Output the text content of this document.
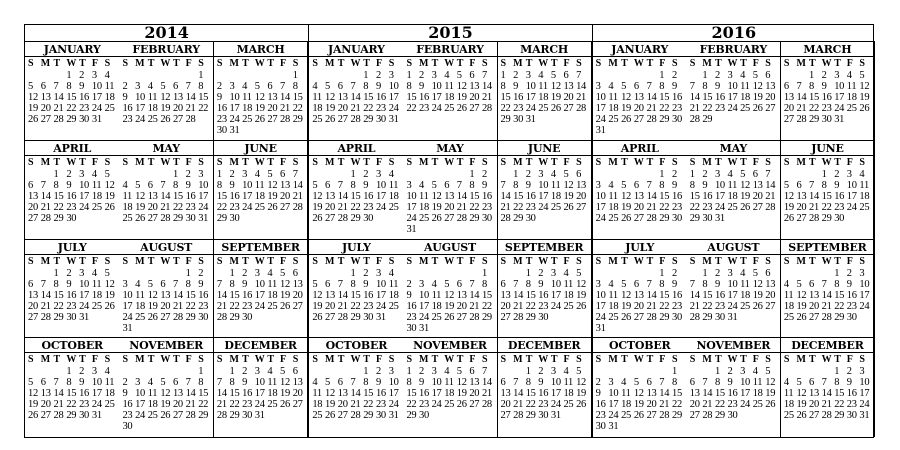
2014
JANUARY
S M T W T F S
1 2 3 4
5 6 7 8 9 10 11
12 13 14 15 16 17 18
19 20 21 22 23 24 25
26 27 28 29 30 31
FEBRUARY
S M T W T F S
1
2 3 4 5 6 7 8
9 10 11 12 13 14 15
16 17 18 19 20 21 22
23 24 25 26 27 28
MARCH
S M T W T F S
1
2 3 4 5 6 7 8
9 10 11 12 13 14 15
16 17 18 19 20 21 22
23 24 25 26 27 28 29
30 31
APRIL
S M T W T F S
1 2 3 4 5
6 7 8 9 10 11 12
13 14 15 16 17 18 19
20 21 22 23 24 25 26
27 28 29 30
MAY
S M T W T F S
1 2 3
4 5 6 7 8 9 10
11 12 13 14 15 16 17
18 19 20 21 22 23 24
25 26 27 28 29 30 31
JUNE
S M T W T F S
1 2 3 4 5 6 7
8 9 10 11 12 13 14
15 16 17 18 19 20 21
22 23 24 25 26 27 28
29 30
JULY
S M T W T F S
1 2 3 4 5
6 7 8 9 10 11 12
13 14 15 16 17 18 19
20 21 22 23 24 25 26
27 28 29 30 31
AUGUST
S M T W T F S
1 2
3 4 5 6 7 8 9
10 11 12 13 14 15 16
17 18 19 20 21 22 23
24 25 26 27 28 29 30
31
SEPTEMBER
S M T W T F S
1 2 3 4 5 6
7 8 9 10 11 12 13
14 15 16 17 18 19 20
21 22 23 24 25 26 27
28 29 30
OCTOBER
S M T W T F S
1 2 3 4
5 6 7 8 9 10 11
12 13 14 15 16 17 18
19 20 21 22 23 24 25
26 27 28 29 30 31
NOVEMBER
S M T W T F S
1
2 3 4 5 6 7 8
9 10 11 12 13 14 15
16 17 18 19 20 21 22
23 24 25 26 27 28 29
30
DECEMBER
S M T W T F S
1 2 3 4 5 6
7 8 9 10 11 12 13
14 15 16 17 18 19 20
21 22 23 24 25 26 27
28 29 30 31
2015
JANUARY
S M T W T F S
1 2 3
4 5 6 7 8 9 10
11 12 13 14 15 16 17
18 19 20 21 22 23 24
25 26 27 28 29 30 31
FEBRUARY
S M T W T F S
1 2 3 4 5 6 7
8 9 10 11 12 13 14
15 16 17 18 19 20 21
22 23 24 25 26 27 28
MARCH
S M T W T F S
1 2 3 4 5 6 7
8 9 10 11 12 13 14
15 16 17 18 19 20 21
22 23 24 25 26 27 28
29 30 31
APRIL
S M T W T F S
1 2 3 4
5 6 7 8 9 10 11
12 13 14 15 16 17 18
19 20 21 22 23 24 25
26 27 28 29 30
MAY
S M T W T F S
1 2
3 4 5 6 7 8 9
10 11 12 13 14 15 16
17 18 19 20 21 22 23
24 25 26 27 28 29 30
31
JUNE
S M T W T F S
1 2 3 4 5 6
7 8 9 10 11 12 13
14 15 16 17 18 19 20
21 22 23 24 25 26 27
28 29 30
JULY
S M T W T F S
1 2 3 4
5 6 7 8 9 10 11
12 13 14 15 16 17 18
19 20 21 22 23 24 25
26 27 28 29 30 31
AUGUST
S M T W T F S
1
2 3 4 5 6 7 8
9 10 11 12 13 14 15
16 17 18 19 20 21 22
23 24 25 26 27 28 29
30 31
SEPTEMBER
S M T W T F S
1 2 3 4 5
6 7 8 9 10 11 12
13 14 15 16 17 18 19
20 21 22 23 24 25 26
27 28 29 30
OCTOBER
S M T W T F S
1 2 3
4 5 6 7 8 9 10
11 12 13 14 15 16 17
18 19 20 21 22 23 24
25 26 27 28 29 30 31
NOVEMBER
S M T W T F S
1 2 3 4 5 6 7
8 9 10 11 12 13 14
15 16 17 18 19 20 21
22 23 24 25 26 27 28
29 30
DECEMBER
S M T W T F S
1 2 3 4 5
6 7 8 9 10 11 12
13 14 15 16 17 18 19
20 21 22 23 24 25 26
27 28 29 30 31
2016
JANUARY
S M T W T F S
1 2
3 4 5 6 7 8 9
10 11 12 13 14 15 16
17 18 19 20 21 22 23
24 25 26 27 28 29 30
31
FEBRUARY
S M T W T F S
1 2 3 4 5 6
7 8 9 10 11 12 13
14 15 16 17 18 19 20
21 22 23 24 25 26 27
28 29
MARCH
S M T W T F S
1 2 3 4 5
6 7 8 9 10 11 12
13 14 15 16 17 18 19
20 21 22 23 24 25 26
27 28 29 30 31
APRIL
S M T W T F S
1 2
3 4 5 6 7 8 9
10 11 12 13 14 15 16
17 18 19 20 21 22 23
24 25 26 27 28 29 30
MAY
S M T W T F S
1 2 3 4 5 6 7
8 9 10 11 12 13 14
15 16 17 18 19 20 21
22 23 24 25 26 27 28
29 30 31
JUNE
S M T W T F S
1 2 3 4
5 6 7 8 9 10 11
12 13 14 15 16 17 18
19 20 21 22 23 24 25
26 27 28 29 30
JULY
S M T W T F S
1 2
3 4 5 6 7 8 9
10 11 12 13 14 15 16
17 18 19 20 21 22 23
24 25 26 27 28 29 30
31
AUGUST
S M T W T F S
1 2 3 4 5 6
7 8 9 10 11 12 13
14 15 16 17 18 19 20
21 22 23 24 25 26 27
28 29 30 31
SEPTEMBER
S M T W T F S
1 2 3
4 5 6 7 8 9 10
11 12 13 14 15 16 17
18 19 20 21 22 23 24
25 26 27 28 29 30
OCTOBER
S M T W T F S
1
2 3 4 5 6 7 8
9 10 11 12 13 14 15
16 17 18 19 20 21 22
23 24 25 26 27 28 29
30 31
NOVEMBER
S M T W T F S
1 2 3 4 5
6 7 8 9 10 11 12
13 14 15 16 17 18 19
20 21 22 23 24 25 26
27 28 29 30
DECEMBER
S M T W T F S
1 2 3
4 5 6 7 8 9 10
11 12 13 14 15 16 17
18 19 20 21 22 23 24
25 26 27 28 29 30 31
